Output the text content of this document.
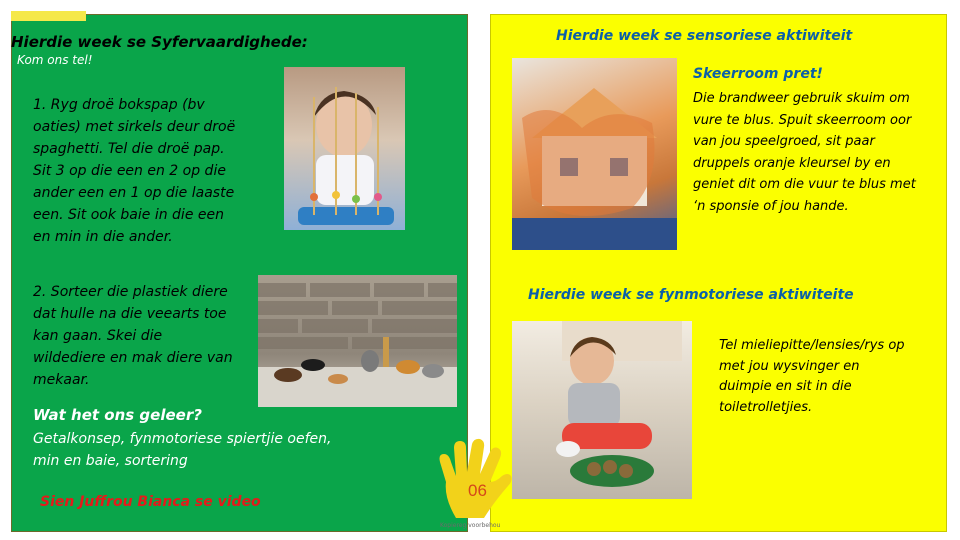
Hierdie week se Syfervaardighede:
Kom ons tel!
1. Ryg droë bokspap (bv
oaties) met sirkels deur droë
spaghetti. Tel die droë pap.
Sit 3 op die een en 2 op die
ander een en 1 op die laaste
een. Sit ook baie in die een
en min in die ander.
2. Sorteer die plastiek diere
dat hulle na die veearts toe
kan gaan. Skei die
wildediere en mak diere van
mekaar.
Wat het ons geleer?
Getalkonsep, fynmotoriese spiertjie oefen,
min en baie, sortering
Sien Juffrou Bianca se video
Hierdie week se sensoriese aktiwiteit
Skeerroom pret!
Die brandweer gebruik skuim om
vure te blus. Spuit skeerroom oor
van jou speelgroed, sit paar
druppels oranje kleursel by en
geniet dit om die vuur te blus met
‘n sponsie of jou hande.
Hierdie week se fynmotoriese aktiwiteite
Tel mieliepitte/lensies/rys op
met jou wysvinger en
duimpie en sit in die
toiletrolletjies.
06
Kopiereg voorbehou
